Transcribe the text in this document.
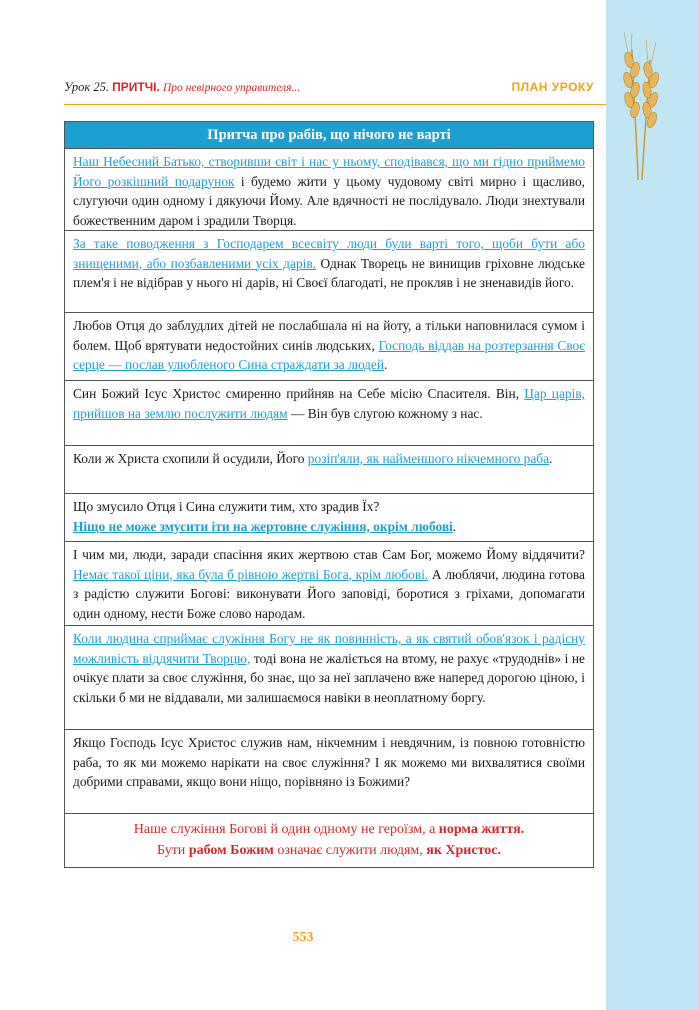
Урок 25. ПРИТЧІ. Про невірного управителя...	ПЛАН УРОКУ
Притча про рабів, що нічого не варті
Наш Небесний Батько, створивши світ і нас у ньому, сподівався, що ми гідно приймемо Його розкішний подарунок і будемо жити у цьому чудовому світі мирно і щасливо, слугуючи один одному і дякуючи Йому. Але вдячності не послідувало. Люди знехтували божественним даром і зрадили Творця.
За таке поводження з Господарем всесвіту люди були варті того, щоби бути або знищеними, або позбавленими усіх дарів. Однак Творець не винищив гріховне людське плем'я і не відібрав у нього ні дарів, ні Своєї благодаті, не прокляв і не зненавидів його.
Любов Отця до заблудлих дітей не послабшала ні на йоту, а тільки наповнилася сумом і болем. Щоб врятувати недостойних синів людських, Господь віддав на розтерзання Своє серце — послав улюбленого Сина страждати за людей.
Син Божий Ісус Христос смиренно прийняв на Себе місію Спасителя. Він, Цар царів, прийшов на землю послужити людям — Він був слугою кожному з нас.
Коли ж Христа схопили й осудили, Його розіп'яли, як найменшого нікчемного раба.
Що змусило Отця і Сина служити тим, хто зрадив Їх?
Ніщо не може змусити іти на жертовне служіння, окрім любові.
І чим ми, люди, заради спасіння яких жертвою став Сам Бог, можемо Йому віддячити? Немає такої ціни, яка була б рівною жертві Бога, крім любові. А люблячи, людина готова з радістю служити Богові: виконувати Його заповіді, боротися з гріхами, допомагати один одному, нести Боже слово народам.
Коли людина сприймає служіння Богу не як повинність, а як святий обов'язок і радісну можливість віддячити Творцю, тоді вона не жаліється на втому, не рахує «трудоднів» і не очікує плати за своє служіння, бо знає, що за неї заплачено вже наперед дорогою ціною, і скільки б ми не віддавали, ми залишаємося навіки в неоплатному боргу.
Якщо Господь Ісус Христос служив нам, нікчемним і невдячним, із повною готовністю раба, то як ми можемо нарікати на своє служіння? І як можемо ми вихвалятися своїми добрими справами, якщо вони ніщо, порівняно із Божими?
Наше служіння Богові й один одному не героїзм, а норма життя.
Бути рабом Божим означає служити людям, як Христос.
553
